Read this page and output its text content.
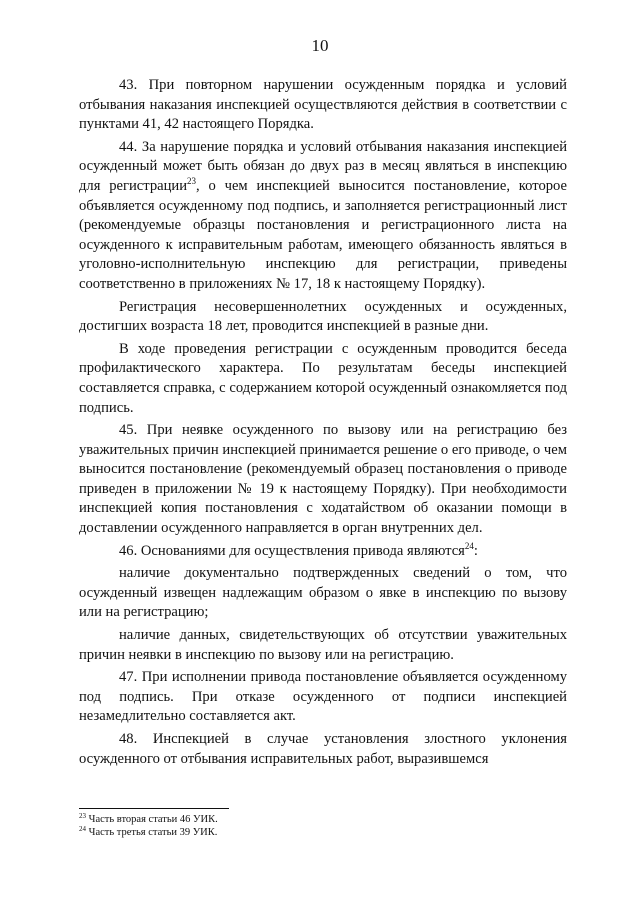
10

43. При повторном нарушении осужденным порядка и условий отбывания наказания инспекцией осуществляются действия в соответствии с пунктами 41, 42 настоящего Порядка.

44. За нарушение порядка и условий отбывания наказания инспекцией осужденный может быть обязан до двух раз в месяц являться в инспекцию для регистрации$^{23}$, о чем инспекцией выносится постановление, которое объявляется осужденному под подпись, и заполняется регистрационный лист (рекомендуемые образцы постановления и регистрационного листа на осужденного к исправительным работам, имеющего обязанность являться в уголовно-исполнительную инспекцию для регистрации, приведены соответственно в приложениях № 17, 18 к настоящему Порядку).

Регистрация несовершеннолетних осужденных и осужденных, достигших возраста 18 лет, проводится инспекцией в разные дни.

В ходе проведения регистрации с осужденным проводится беседа профилактического характера. По результатам беседы инспекцией составляется справка, с содержанием которой осужденный ознакомляется под подпись.

45. При неявке осужденного по вызову или на регистрацию без уважительных причин инспекцией принимается решение о его приводе, о чем выносится постановление (рекомендуемый образец постановления о приводе приведен в приложении № 19 к настоящему Порядку). При необходимости инспекцией копия постановления с ходатайством об оказании помощи в доставлении осужденного направляется в орган внутренних дел.

46. Основаниями для осуществления привода являются$^{24}$:

наличие документально подтвержденных сведений о том, что осужденный извещен надлежащим образом о явке в инспекцию по вызову или на регистрацию;

наличие данных, свидетельствующих об отсутствии уважительных причин неявки в инспекцию по вызову или на регистрацию.

47. При исполнении привода постановление объявляется осужденному под подпись. При отказе осужденного от подписи инспекцией незамедлительно составляется акт.

48. Инспекцией в случае установления злостного уклонения осужденного от отбывания исправительных работ, выразившемся

$^{23}$ Часть вторая статьи 46 УИК.
$^{24}$ Часть третья статьи 39 УИК.
